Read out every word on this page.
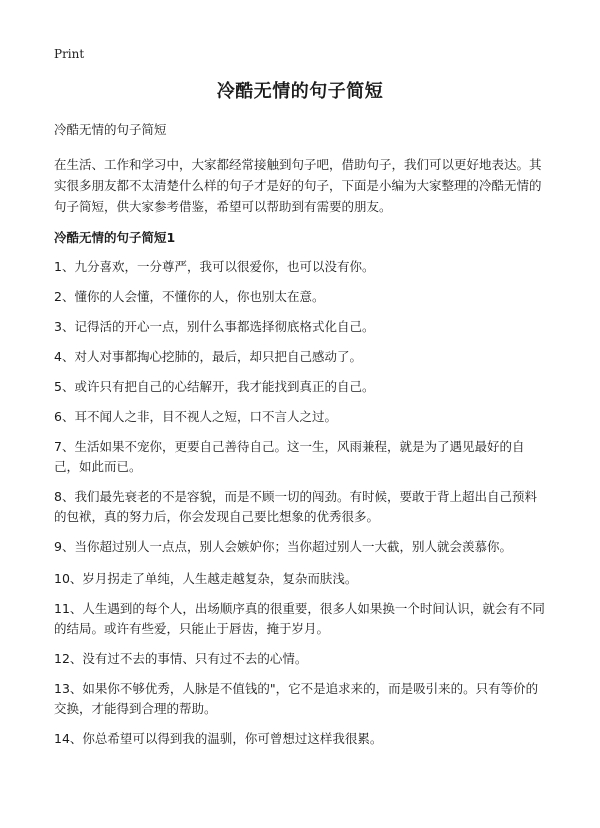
Print
冷酷无情的句子简短

冷酷无情的句子简短

在生活、工作和学习中，大家都经常接触到句子吧，借助句子，我们可以更好地表达。其实很多朋友都不太清楚什么样的句子才是好的句子，下面是小编为大家整理的冷酷无情的句子简短，供大家参考借鉴，希望可以帮助到有需要的朋友。

冷酷无情的句子简短1
1、九分喜欢，一分尊严，我可以很爱你，也可以没有你。
2、懂你的人会懂，不懂你的人，你也别太在意。
3、记得活的开心一点，别什么事都选择彻底格式化自己。
4、对人对事都掏心挖肺的，最后，却只把自己感动了。
5、或许只有把自己的心结解开，我才能找到真正的自己。
6、耳不闻人之非，目不视人之短，口不言人之过。
7、生活如果不宠你，更要自己善待自己。这一生，风雨兼程，就是为了遇见最好的自己，如此而已。
8、我们最先衰老的不是容貌，而是不顾一切的闯劲。有时候，要敢于背上超出自己预料的包袱，真的努力后，你会发现自己要比想象的优秀很多。
9、当你超过别人一点点，别人会嫉妒你；当你超过别人一大截，别人就会羡慕你。
10、岁月拐走了单纯，人生越走越复杂，复杂而肤浅。
11、人生遇到的每个人，出场顺序真的很重要，很多人如果换一个时间认识，就会有不同的结局。或许有些爱，只能止于唇齿，掩于岁月。
12、没有过不去的事情、只有过不去的心情。
13、如果你不够优秀，人脉是不值钱的"，它不是追求来的，而是吸引来的。只有等价的交换，才能得到合理的帮助。
14、你总希望可以得到我的温驯，你可曾想过这样我很累。
